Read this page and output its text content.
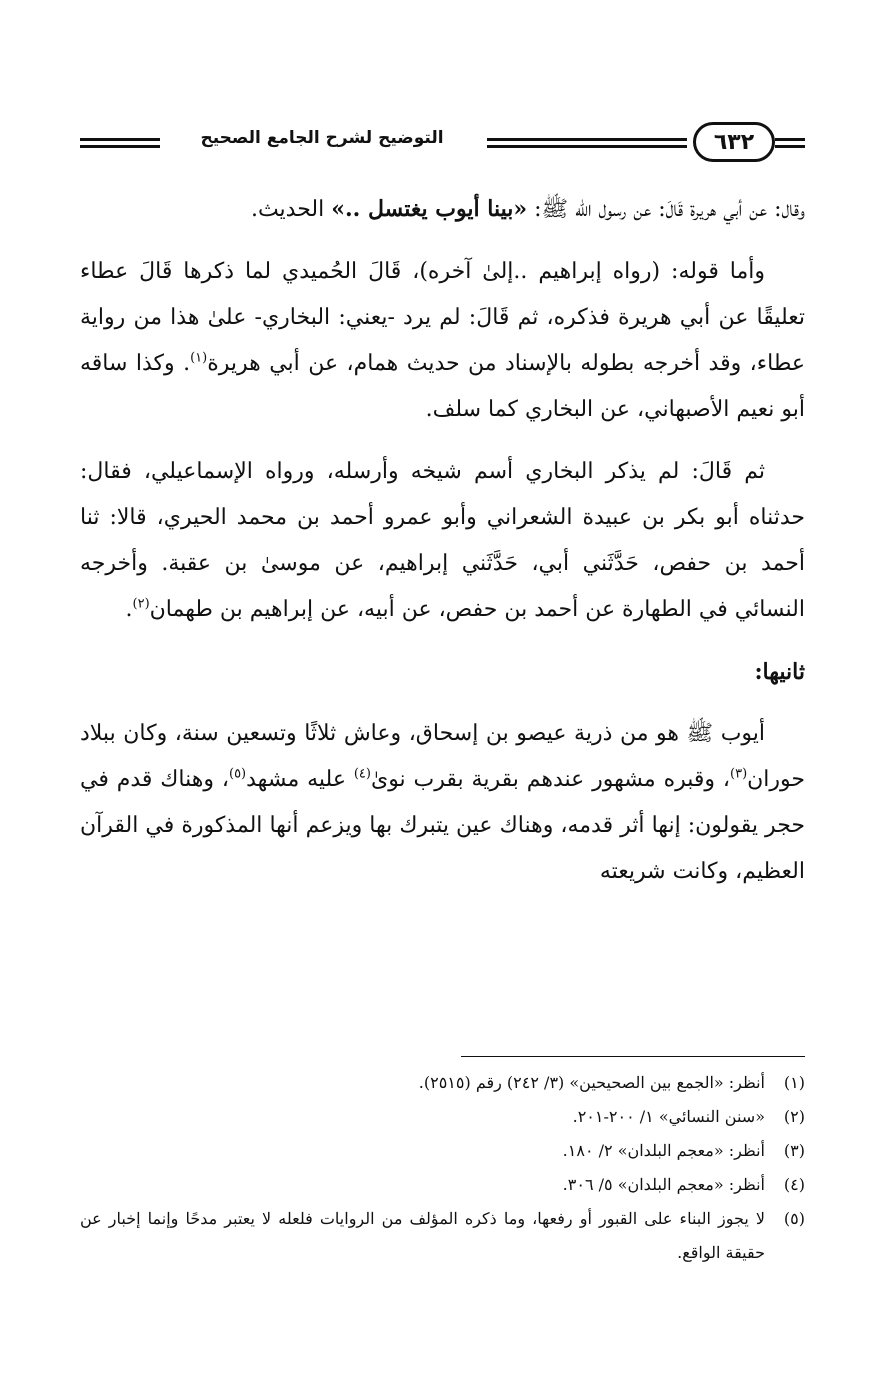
٦٣٢
التوضيح لشرح الجامع الصحيح

وقال: عن أبي هريرة قَالَ: عن رسول الله ﷺ: «بينا أيوب يغتسل ..» الحديث.

وأما قوله: (رواه إبراهيم ..إلىٰ آخره)، قَالَ الحُميدي لما ذكرها قَالَ عطاء تعليقًا عن أبي هريرة فذكره، ثم قَالَ: لم يرد -يعني: البخاري- علىٰ هذا من رواية عطاء، وقد أخرجه بطوله بالإسناد من حديث همام، عن أبي هريرة$^{(١)}$. وكذا ساقه أبو نعيم الأصبهاني، عن البخاري كما سلف.

ثم قَالَ: لم يذكر البخاري أسم شيخه وأرسله، ورواه الإسماعيلي، فقال: حدثناه أبو بكر بن عبيدة الشعراني وأبو عمرو أحمد بن محمد الحيري، قالا: ثنا أحمد بن حفص، حَدَّثَني أبي، حَدَّثَني إبراهيم، عن موسىٰ بن عقبة. وأخرجه النسائي في الطهارة عن أحمد بن حفص، عن أبيه، عن إبراهيم بن طهمان$^{(٢)}$.

ثانيها:

أيوب ﷺ هو من ذرية عيصو بن إسحاق، وعاش ثلاثًا وتسعين سنة، وكان ببلاد حوران$^{(٣)}$، وقبره مشهور عندهم بقرية بقرب نوىٰ$^{(٤)}$ عليه مشهد$^{(٥)}$، وهناك قدم في حجر يقولون: إنها أثر قدمه، وهناك عين يتبرك بها ويزعم أنها المذكورة في القرآن العظيم، وكانت شريعته

(١)
أنظر: «الجمع بين الصحيحين» (٣/ ٢٤٢) رقم (٢٥١٥).
(٢)
«سنن النسائي» ١/ ٢٠٠-٢٠١.
(٣)
أنظر: «معجم البلدان» ٢/ ١٨٠.
(٤)
أنظر: «معجم البلدان» ٥/ ٣٠٦.
(٥)
لا يجوز البناء على القبور أو رفعها، وما ذكره المؤلف من الروايات فلعله لا يعتبر مدحًا وإنما إخبار عن حقيقة الواقع.
